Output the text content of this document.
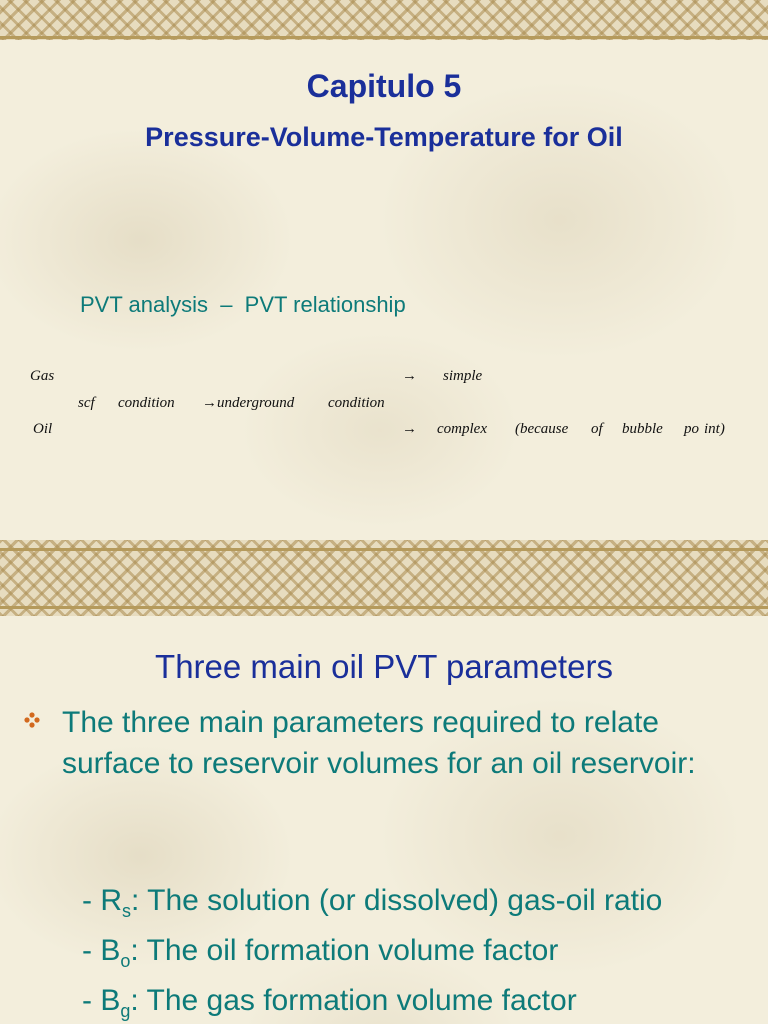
Capitulo 5
Pressure-Volume-Temperature for Oil
PVT analysis  –  PVT relationship
Gas	→ simple
scf condition →underground condition
Oil	→ complex (because of bubble po int)
Three main oil PVT parameters
The three main parameters required to relate surface to reservoir volumes for an oil reservoir:
- $R_s$: The solution (or dissolved) gas-oil ratio
- $B_o$: The oil formation volume factor
- $B_g$: The gas formation volume factor
